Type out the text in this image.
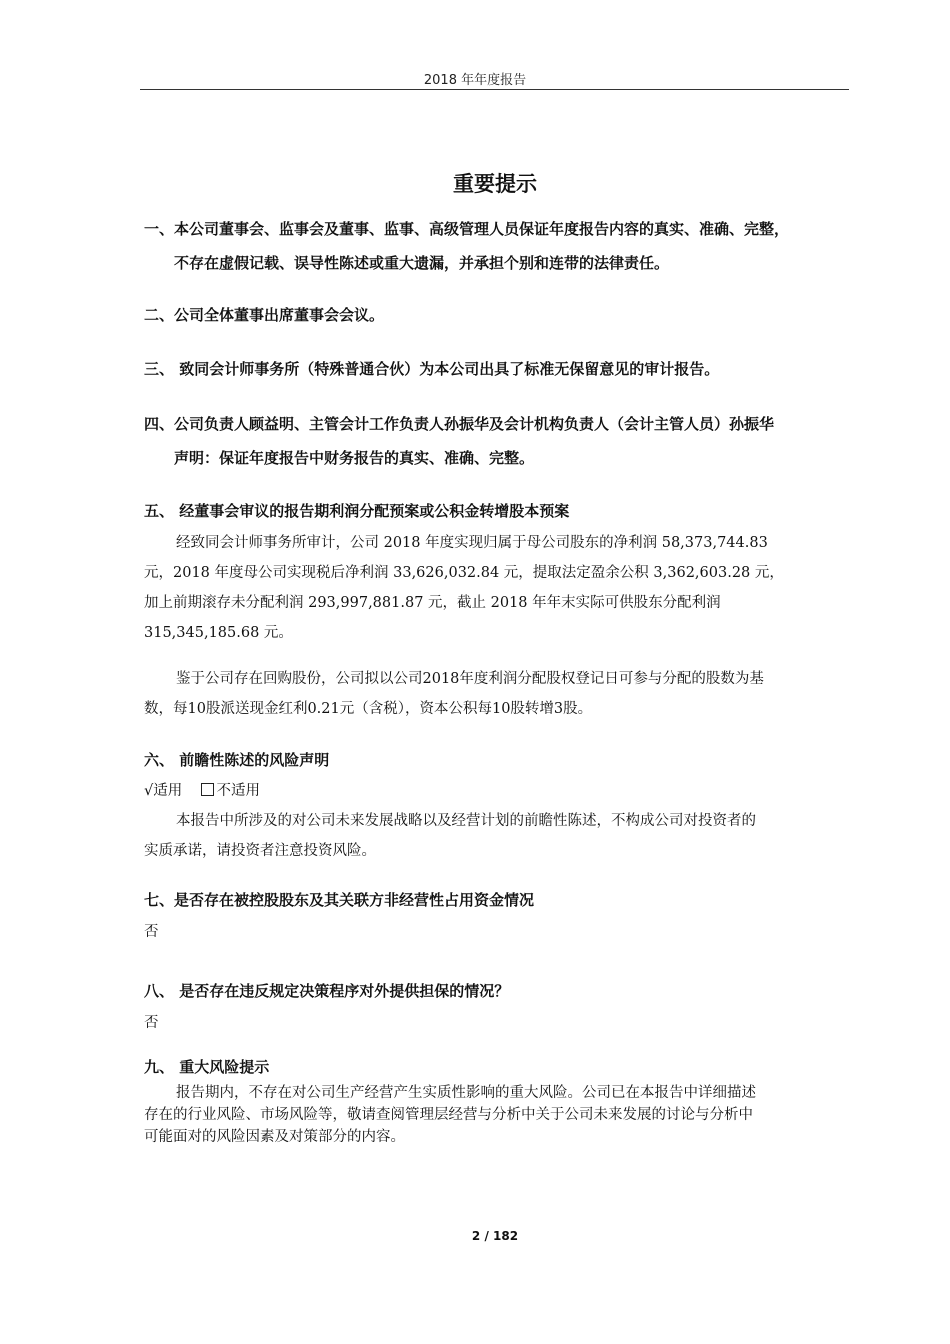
2018 年年度报告
重要提示
一、本公司董事会、监事会及董事、监事、高级管理人员保证年度报告内容的真实、准确、完整，
不存在虚假记载、误导性陈述或重大遗漏，并承担个别和连带的法律责任。
二、公司全体董事出席董事会会议。
三、 致同会计师事务所（特殊普通合伙）为本公司出具了标准无保留意见的审计报告。
四、公司负责人顾益明、主管会计工作负责人孙振华及会计机构负责人（会计主管人员）孙振华
声明：保证年度报告中财务报告的真实、准确、完整。
五、 经董事会审议的报告期利润分配预案或公积金转增股本预案
经致同会计师事务所审计，公司 2018 年度实现归属于母公司股东的净利润 58,373,744.83
元，2018 年度母公司实现税后净利润 33,626,032.84 元，提取法定盈余公积 3,362,603.28 元，
加上前期滚存未分配利润 293,997,881.87 元，截止 2018 年年末实际可供股东分配利润
315,345,185.68 元。
鉴于公司存在回购股份，公司拟以公司2018年度利润分配股权登记日可参与分配的股数为基
数，每10股派送现金红利0.21元（含税），资本公积每10股转增3股。
六、 前瞻性陈述的风险声明
√适用 不适用
本报告中所涉及的对公司未来发展战略以及经营计划的前瞻性陈述，不构成公司对投资者的
实质承诺，请投资者注意投资风险。
七、是否存在被控股股东及其关联方非经营性占用资金情况
否
八、 是否存在违反规定决策程序对外提供担保的情况？
否
九、 重大风险提示
报告期内，不存在对公司生产经营产生实质性影响的重大风险。公司已在本报告中详细描述
存在的行业风险、市场风险等，敬请查阅管理层经营与分析中关于公司未来发展的讨论与分析中
可能面对的风险因素及对策部分的内容。
2 / 182
